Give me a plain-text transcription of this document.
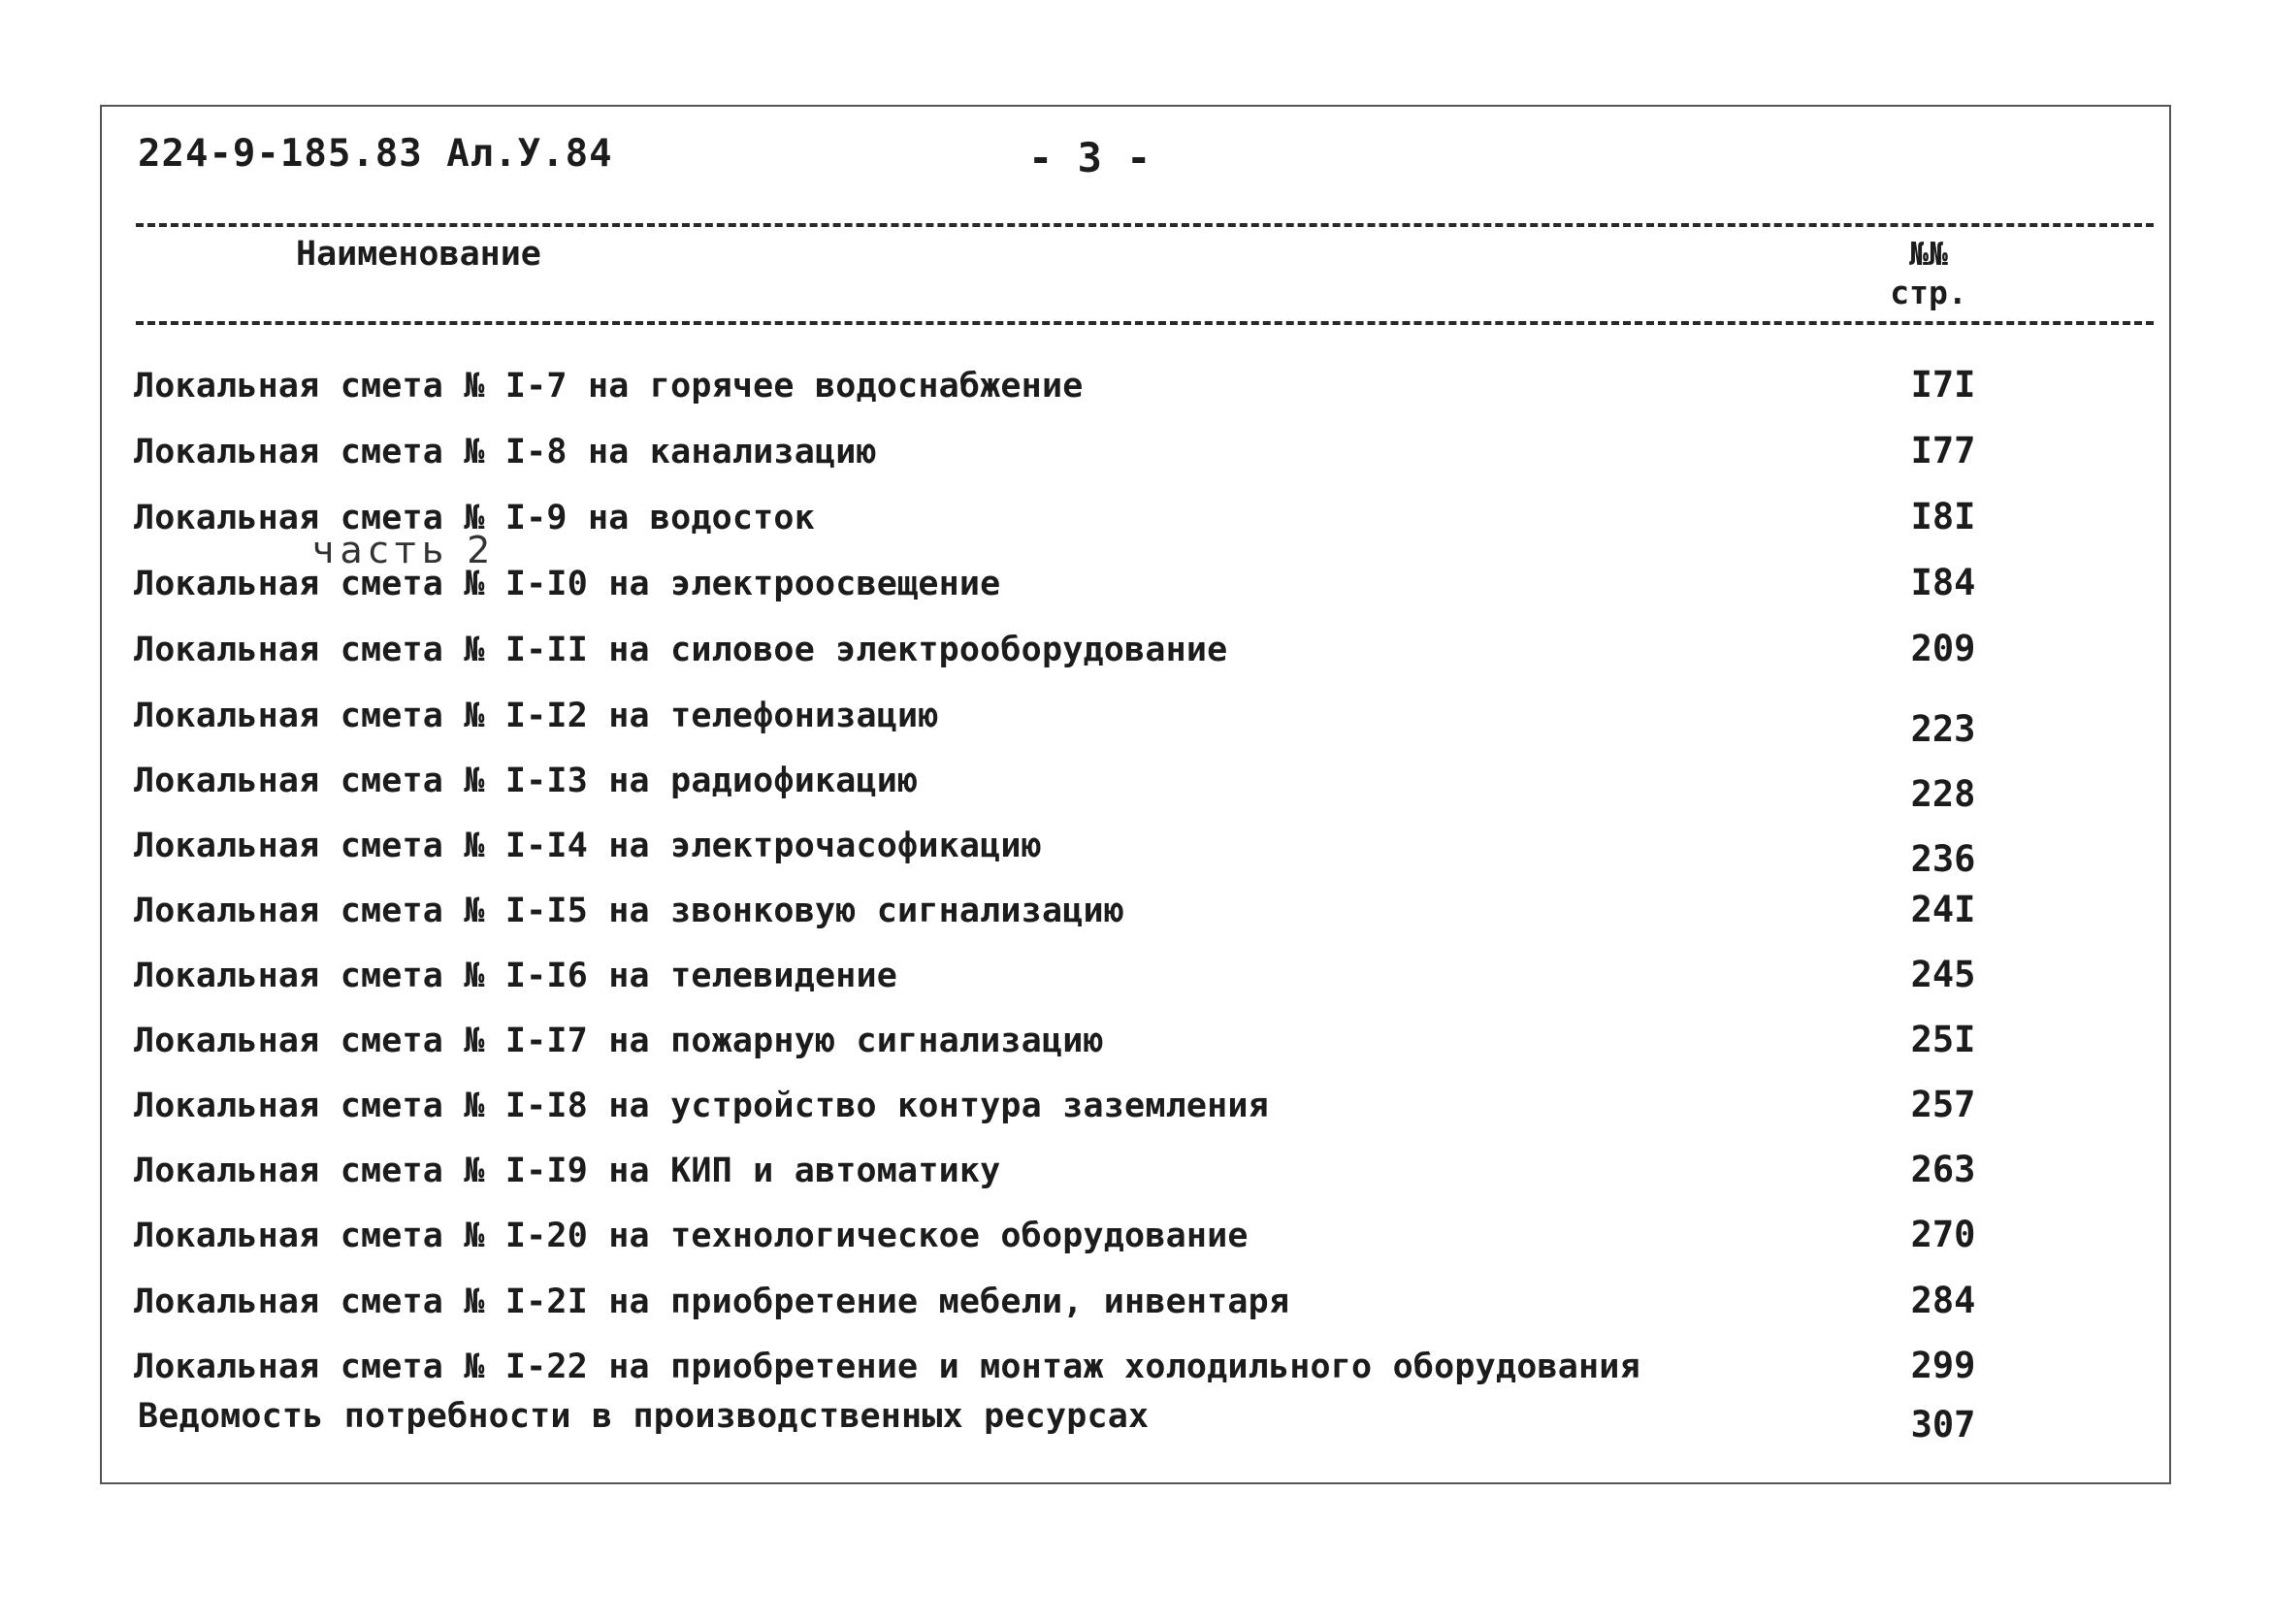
224-9-185.83 Ал.У.84	- 3 -
Наименование	№№
стр.
Локальная смета № I-7 на горячее водоснабжение	I7I
Локальная смета № I-8 на канализацию	I77
Локальная смета № I-9 на водосток	I8I
Локальная смета № I-I0 на электроосвещение	I84
Локальная смета № I-II на силовое электрооборудование	209
Локальная смета № I-I2 на телефонизацию	223
Локальная смета № I-I3 на радиофикацию	228
Локальная смета № I-I4 на электрочасофикацию	236
Локальная смета № I-I5 на звонковую сигнализацию	24I
Локальная смета № I-I6 на телевидение	245
Локальная смета № I-I7 на пожарную сигнализацию	25I
Локальная смета № I-I8 на устройство контура заземления	257
Локальная смета № I-I9 на КИП и автоматику	263
Локальная смета № I-20 на технологическое оборудование	270
Локальная смета № I-2I на приобретение мебели, инвентаря	284
Локальная смета № I-22 на приобретение и монтаж холодильного оборудования	299
Ведомость потребности в производственных ресурсах	307
часть 2
